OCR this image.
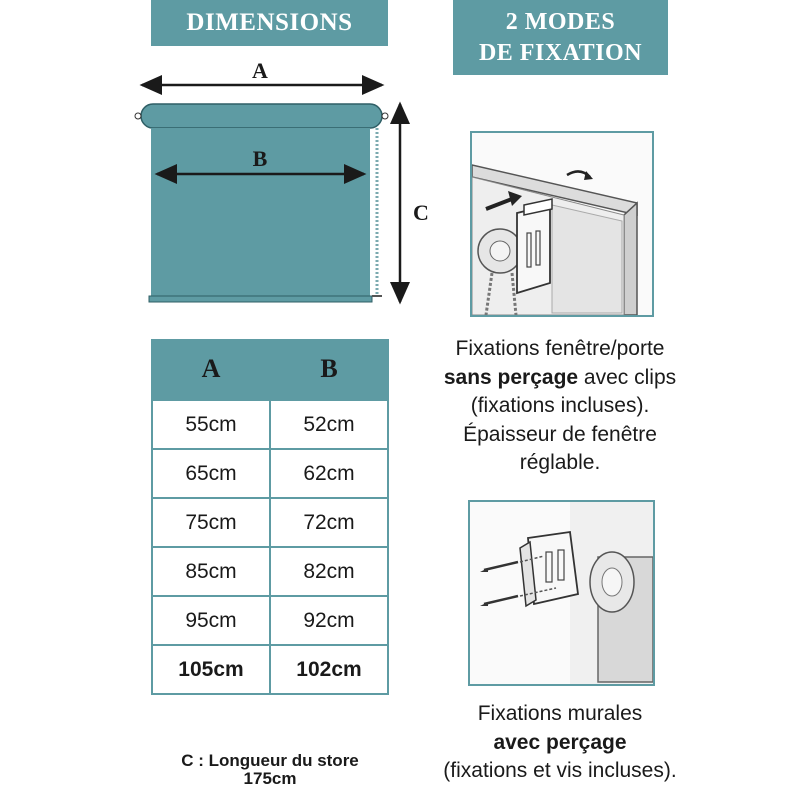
DIMENSIONS	2 MODES
DE FIXATION
A
B
C
A	B
55cm	52cm
65cm	62cm
75cm	72cm
85cm	82cm
95cm	92cm
105cm	102cm
C : Longueur du store
175cm
Fixations fenêtre/porte
sans perçage avec clips
(fixations incluses).
Épaisseur de fenêtre
réglable.
Fixations murales
avec perçage
(fixations et vis incluses).
